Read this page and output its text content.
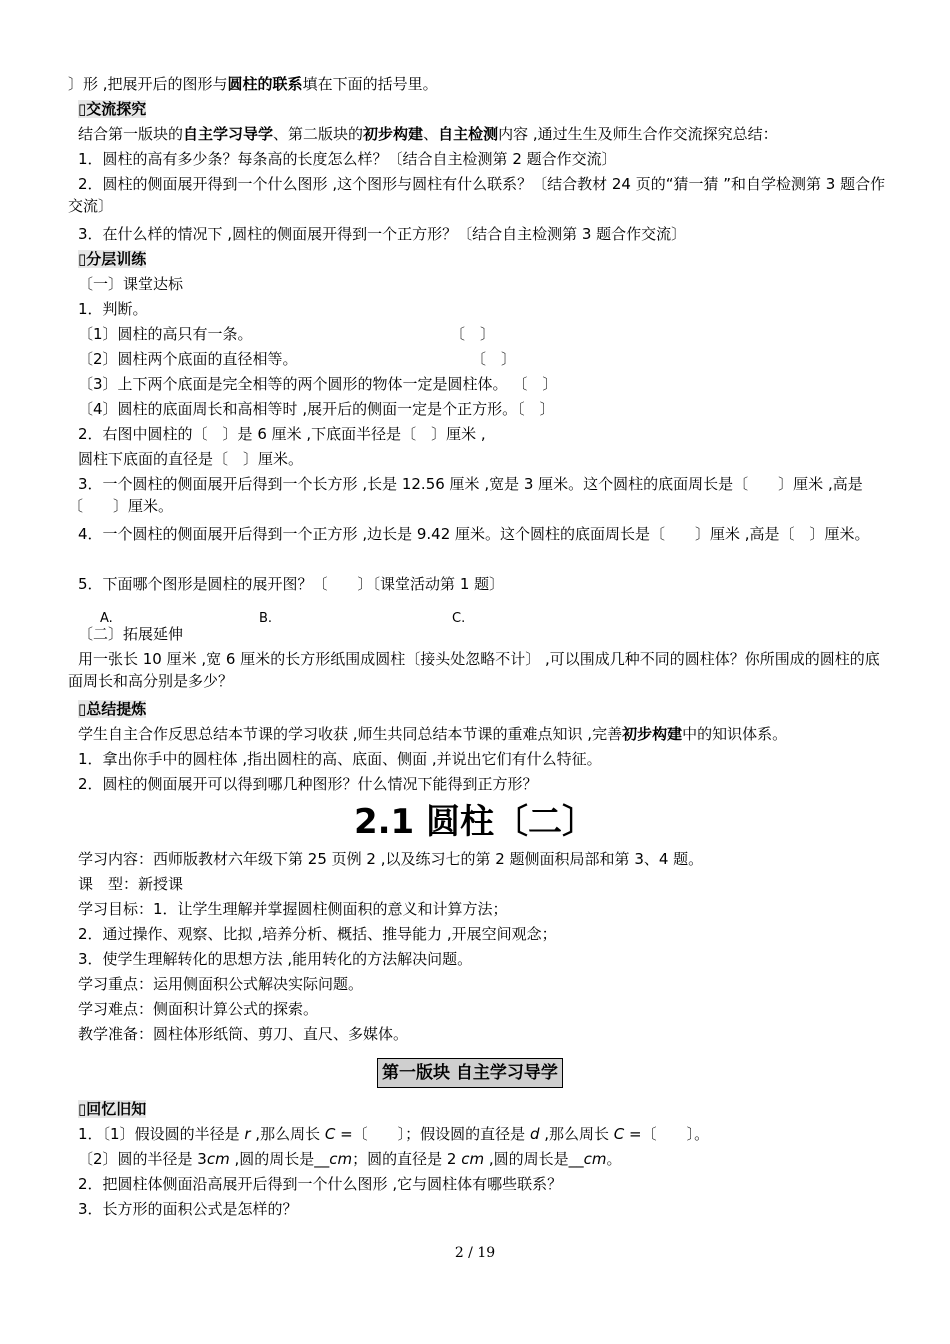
〕形 ,把展开后的图形与圆柱的联系填在下面的括号里。
▯交流探究
结合第一版块的自主学习导学、第二版块的初步构建、自主检测内容 ,通过生生及师生合作交流探究总结：
1．圆柱的高有多少条？每条高的长度怎么样？〔结合自主检测第 2 题合作交流〕
2．圆柱的侧面展开得到一个什么图形 ,这个图形与圆柱有什么联系？〔结合教材 24 页的“猜一猜 ”和自学检测第 3 题合作交流〕
3．在什么样的情况下 ,圆柱的侧面展开得到一个正方形？〔结合自主检测第 3 题合作交流〕
▯分层训练
〔一〕课堂达标
1．判断。
〔1〕圆柱的高只有一条。	〔　〕
〔2〕圆柱两个底面的直径相等。	〔　〕
〔3〕上下两个底面是完全相等的两个圆形的物体一定是圆柱体。 〔　〕
〔4〕圆柱的底面周长和高相等时 ,展开后的侧面一定是个正方形。〔　〕
2．右图中圆柱的〔　〕是 6 厘米 ,下底面半径是〔　〕厘米 ,
圆柱下底面的直径是〔　〕厘米。
3．一个圆柱的侧面展开后得到一个长方形 ,长是 12.56 厘米 ,宽是 3 厘米。这个圆柱的底面周长是〔　　〕厘米 ,高是〔　　〕厘米。
4．一个圆柱的侧面展开后得到一个正方形 ,边长是 9.42 厘米。这个圆柱的底面周长是〔　　〕厘米 ,高是〔　〕厘米。
5．下面哪个图形是圆柱的展开图？〔　　〕〔课堂活动第 1 题〕
A.	B.	C.
〔二〕拓展延伸
用一张长 10 厘米 ,宽 6 厘米的长方形纸围成圆柱〔接头处忽略不计〕 ,可以围成几种不同的圆柱体？你所围成的圆柱的底面周长和高分别是多少？
▯总结提炼
学生自主合作反思总结本节课的学习收获 ,师生共同总结本节课的重难点知识 ,完善初步构建中的知识体系。
1．拿出你手中的圆柱体 ,指出圆柱的高、底面、侧面 ,并说出它们有什么特征。
2．圆柱的侧面展开可以得到哪几种图形？什么情况下能得到正方形？
2.1 圆柱〔二〕
学习内容：西师版教材六年级下第 25 页例 2 ,以及练习七的第 2 题侧面积局部和第 3、4 题。
课　型：新授课
学习目标：1．让学生理解并掌握圆柱侧面积的意义和计算方法；
2．通过操作、观察、比拟 ,培养分析、概括、推导能力 ,开展空间观念；
3．使学生理解转化的思想方法 ,能用转化的方法解决问题。
学习重点：运用侧面积公式解决实际问题。
学习难点：侧面积计算公式的探索。
教学准备：圆柱体形纸筒、剪刀、直尺、多媒体。
第一版块 自主学习导学
▯回忆旧知
1．〔1〕假设圆的半径是 r ,那么周长 C =〔　　〕；假设圆的直径是 d ,那么周长 C =〔　　〕。
〔2〕圆的半径是 3cm ,圆的周长是__cm；圆的直径是 2 cm ,圆的周长是__cm。
2．把圆柱体侧面沿高展开后得到一个什么图形 ,它与圆柱体有哪些联系？
3．长方形的面积公式是怎样的？
2 / 19
